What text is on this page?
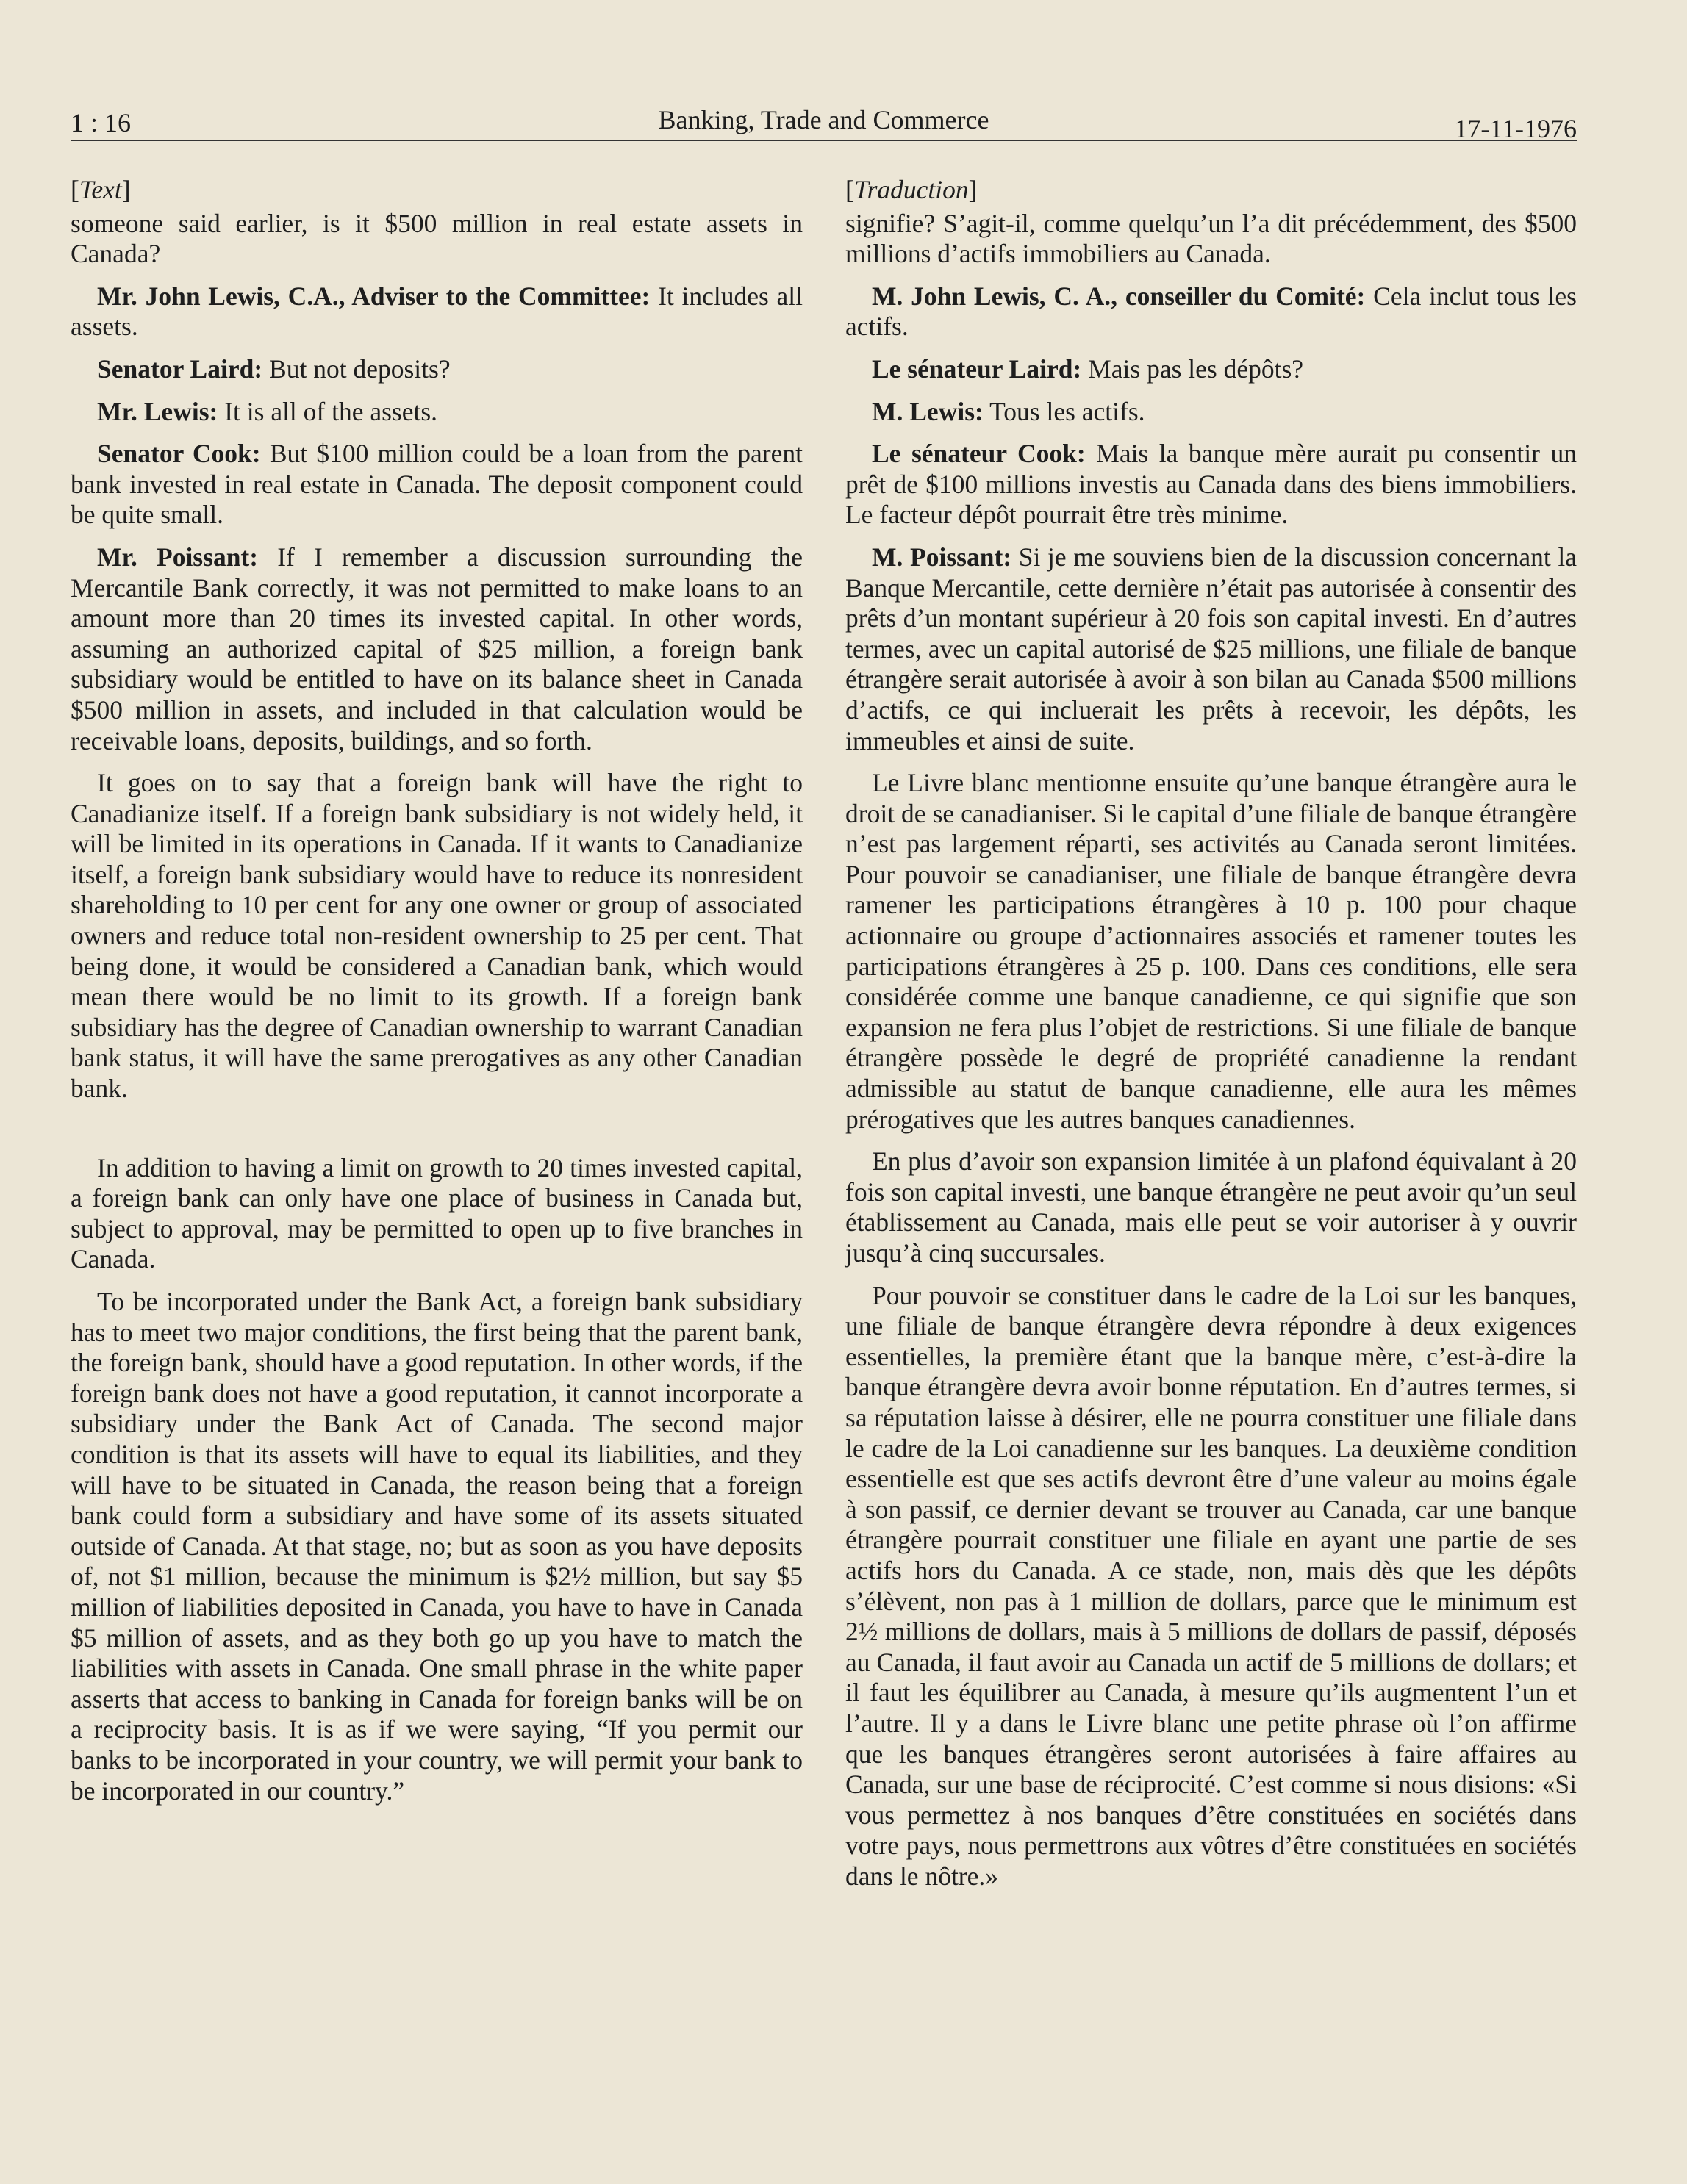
1 : 16	Banking, Trade and Commerce	17-11-1976
[Text]

someone said earlier, is it $500 million in real estate assets in Canada?

Mr. John Lewis, C.A., Adviser to the Committee: It includes all assets.

Senator Laird: But not deposits?

Mr. Lewis: It is all of the assets.

Senator Cook: But $100 million could be a loan from the parent bank invested in real estate in Canada. The deposit component could be quite small.

Mr. Poissant: If I remember a discussion surrounding the Mercantile Bank correctly, it was not permitted to make loans to an amount more than 20 times its invested capital. In other words, assuming an authorized capital of $25 million, a foreign bank subsidiary would be entitled to have on its balance sheet in Canada $500 million in assets, and included in that calculation would be receivable loans, deposits, buildings, and so forth.

It goes on to say that a foreign bank will have the right to Canadianize itself. If a foreign bank subsidiary is not widely held, it will be limited in its operations in Canada. If it wants to Canadianize itself, a foreign bank subsidiary would have to reduce its nonresident shareholding to 10 per cent for any one owner or group of associated owners and reduce total non-resident ownership to 25 per cent. That being done, it would be considered a Canadian bank, which would mean there would be no limit to its growth. If a foreign bank subsidiary has the degree of Canadian ownership to warrant Canadian bank status, it will have the same prerogatives as any other Canadian bank.

In addition to having a limit on growth to 20 times invested capital, a foreign bank can only have one place of business in Canada but, subject to approval, may be permitted to open up to five branches in Canada.

To be incorporated under the Bank Act, a foreign bank subsidiary has to meet two major conditions, the first being that the parent bank, the foreign bank, should have a good reputation. In other words, if the foreign bank does not have a good reputation, it cannot incorporate a subsidiary under the Bank Act of Canada. The second major condition is that its assets will have to equal its liabilities, and they will have to be situated in Canada, the reason being that a foreign bank could form a subsidiary and have some of its assets situated outside of Canada. At that stage, no; but as soon as you have deposits of, not $1 million, because the minimum is $2½ million, but say $5 million of liabilities deposited in Canada, you have to have in Canada $5 million of assets, and as they both go up you have to match the liabilities with assets in Canada. One small phrase in the white paper asserts that access to banking in Canada for foreign banks will be on a reciprocity basis. It is as if we were saying, “If you permit our banks to be incorporated in your country, we will permit your bank to be incorporated in our country.”

[Traduction]

signifie? S’agit-il, comme quelqu’un l’a dit précédemment, des $500 millions d’actifs immobiliers au Canada.

M. John Lewis, C. A., conseiller du Comité: Cela inclut tous les actifs.

Le sénateur Laird: Mais pas les dépôts?

M. Lewis: Tous les actifs.

Le sénateur Cook: Mais la banque mère aurait pu consentir un prêt de $100 millions investis au Canada dans des biens immobiliers. Le facteur dépôt pourrait être très minime.

M. Poissant: Si je me souviens bien de la discussion concernant la Banque Mercantile, cette dernière n’était pas autorisée à consentir des prêts d’un montant supérieur à 20 fois son capital investi. En d’autres termes, avec un capital autorisé de $25 millions, une filiale de banque étrangère serait autorisée à avoir à son bilan au Canada $500 millions d’actifs, ce qui incluerait les prêts à recevoir, les dépôts, les immeubles et ainsi de suite.

Le Livre blanc mentionne ensuite qu’une banque étrangère aura le droit de se canadianiser. Si le capital d’une filiale de banque étrangère n’est pas largement réparti, ses activités au Canada seront limitées. Pour pouvoir se canadianiser, une filiale de banque étrangère devra ramener les participations étrangères à 10 p. 100 pour chaque actionnaire ou groupe d’actionnaires associés et ramener toutes les participations étrangères à 25 p. 100. Dans ces conditions, elle sera considérée comme une banque canadienne, ce qui signifie que son expansion ne fera plus l’objet de restrictions. Si une filiale de banque étrangère possède le degré de propriété canadienne la rendant admissible au statut de banque canadienne, elle aura les mêmes prérogatives que les autres banques canadiennes.

En plus d’avoir son expansion limitée à un plafond équivalant à 20 fois son capital investi, une banque étrangère ne peut avoir qu’un seul établissement au Canada, mais elle peut se voir autoriser à y ouvrir jusqu’à cinq succursales.

Pour pouvoir se constituer dans le cadre de la Loi sur les banques, une filiale de banque étrangère devra répondre à deux exigences essentielles, la première étant que la banque mère, c’est-à-dire la banque étrangère devra avoir bonne réputation. En d’autres termes, si sa réputation laisse à désirer, elle ne pourra constituer une filiale dans le cadre de la Loi canadienne sur les banques. La deuxième condition essentielle est que ses actifs devront être d’une valeur au moins égale à son passif, ce dernier devant se trouver au Canada, car une banque étrangère pourrait constituer une filiale en ayant une partie de ses actifs hors du Canada. A ce stade, non, mais dès que les dépôts s’élèvent, non pas à 1 million de dollars, parce que le minimum est 2½ millions de dollars, mais à 5 millions de dollars de passif, déposés au Canada, il faut avoir au Canada un actif de 5 millions de dollars; et il faut les équilibrer au Canada, à mesure qu’ils augmentent l’un et l’autre. Il y a dans le Livre blanc une petite phrase où l’on affirme que les banques étrangères seront autorisées à faire affaires au Canada, sur une base de réciprocité. C’est comme si nous disions: «Si vous permettez à nos banques d’être constituées en sociétés dans votre pays, nous permettrons aux vôtres d’être constituées en sociétés dans le nôtre.»
